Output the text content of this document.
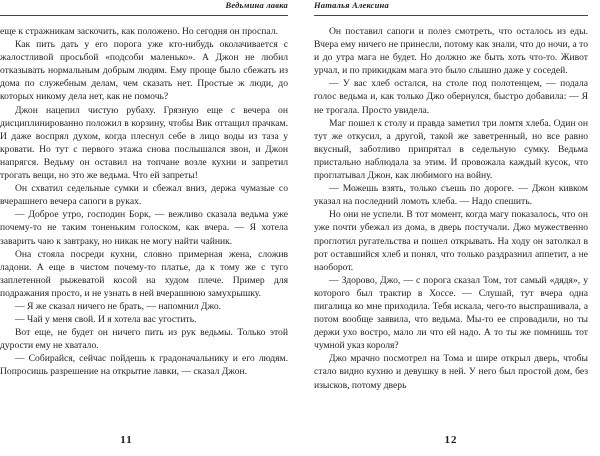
Ведьмина лавка

еще к стражникам заскочить, как положено. Но сегодня он проспал.

Как пить дать у его порога уже кто-нибудь околачивается с жалостливой просьбой «подсоби маленько». А Джон не любил отказывать нормальным добрым людям. Ему проще было сбежать из дома по служебным делам, чем сказать нет. Простые ж люди, до которых никому дела нет, как не помочь?

Джон нацепил чистую рубаху. Грязную еще с вечера он дисциплинированно положил в корзину, чтобы Вик оттащил прачкам. И даже воспрял духом, когда плеснул себе в лицо воды из таза у кровати. Но тут с первого этажа снова послышался звон, и Джон напрягся. Ведьму он оставил на топчане возле кухни и запретил трогать вещи, но это же ведьма. Что ей запреты!

Он схватил седельные сумки и сбежал вниз, держа чумазые со вчерашнего вечера сапоги в руках.

— Доброе утро, господин Борк, — вежливо сказала ведьма уже почему-то не таким тоненьким голоском, как вчера. — Я хотела заварить чаю к завтраку, но никак не могу найти чайник.

Она стояла посреди кухни, словно примерная жена, сложив ладони. А еще в чистом почему-то платье, да к тому же с туго заплетенной рыжеватой косой на худом плече. Пример для подражания просто, и не узнать в ней вчерашнюю замухрышку.

— Я же сказал ничего не брать, — напомнил Джо.

— Чай у меня свой. И я хотела вас угостить.

Вот еще, не будет он ничего пить из рук ведьмы. Только этой дурости ему не хватало.

— Собирайся, сейчас пойдешь к градоначальнику и его людям. Попросишь разрешение на открытие лавки, — сказал Джон.

11
Наталья Алексина

Он поставил сапоги и полез смотреть, что осталось из еды. Вчера ему ничего не принесли, потому как знали, что до ночи, а то и до утра мага не будет. Но должно же быть хоть что-то. Живот урчал, и по прикидкам мага это было слышно даже у соседей.

— У вас хлеб остался, на столе под полотенцем, — подала голос ведьма и, как только Джо обернулся, быстро добавила: — Я не трогала. Просто увидела.

Маг пошел к столу и правда заметил три ломтя хлеба. Один он тут же откусил, а другой, такой же заветренный, но все равно вкусный, заботливо припрятал в седельную сумку. Ведьма пристально наблюдала за этим. И провожала каждый кусок, что проглатывал Джон, как любимого на войну.

— Можешь взять, только съешь по дороге. — Джон кивком указал на последний ломоть хлеба. — Надо спешить.

Но они не успели. В тот момент, когда магу показалось, что он уже почти убежал из дома, в дверь постучали. Джо мужественно проглотил ругательства и пошел открывать. На ходу он затолкал в рот оставшийся хлеб и понял, что только раздразнил аппетит, а не наоборот.

— Здорово, Джо, — с порога сказал Том, тот самый «дядя», у которого был трактир в Хоссе. — Слушай, тут вчера одна пигалица ко мне приходила. Тебя искала, чего-то выспрашивала, а потом вообще заявила, что ведьма. Мы-то ее спровадили, но ты держи ухо востро, мало ли что ей надо. А то ты же помнишь тот чумной указ короля?

Джо мрачно посмотрел на Тома и шире открыл дверь, чтобы стало видно кухню и девушку в ней. У него был простой дом, без изысков, потому дверь

12
